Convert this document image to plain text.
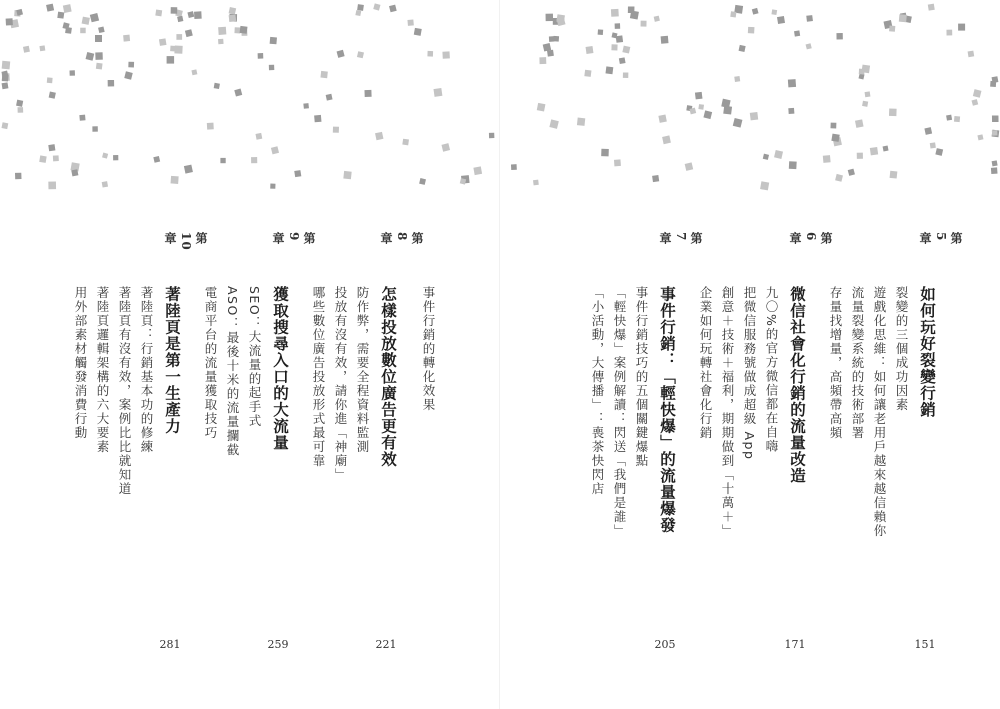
第10章
著陸頁是第一生產力
著陸頁：行銷基本功的修練
著陸頁有沒有效，案例比比就知道
著陸頁邏輯架構的六大要素
用外部素材觸發消費行動
281
第9章
獲取搜尋入口的大流量
SEO：大流量的起手式
ASO：最後十米的流量攔截
電商平台的流量獲取技巧
259
第8章
怎樣投放數位廣告更有效
防作弊，需要全程資料監測
投放有沒有效，請你進「神廟」
哪些數位廣告投放形式最可靠
221
事件行銷的轉化效果
第7章
事件行銷：「輕快爆」的流量爆發
事件行銷技巧的五個關鍵爆點
「輕快爆」案例解讀：閃送「我們是誰」
「小活動，大傳播」：喪茶快閃店
205
第6章
微信社會化行銷的流量改造
九〇%的官方微信都在自嗨
把微信服務號做成超級 App
創意＋技術＋福利，期期做到「十萬＋」
企業如何玩轉社會化行銷
171
第5章
如何玩好裂變行銷
裂變的三個成功因素
遊戲化思維：如何讓老用戶越來越信賴你
流量裂變系統的技術部署
存量找增量，高頻帶高頻
151
